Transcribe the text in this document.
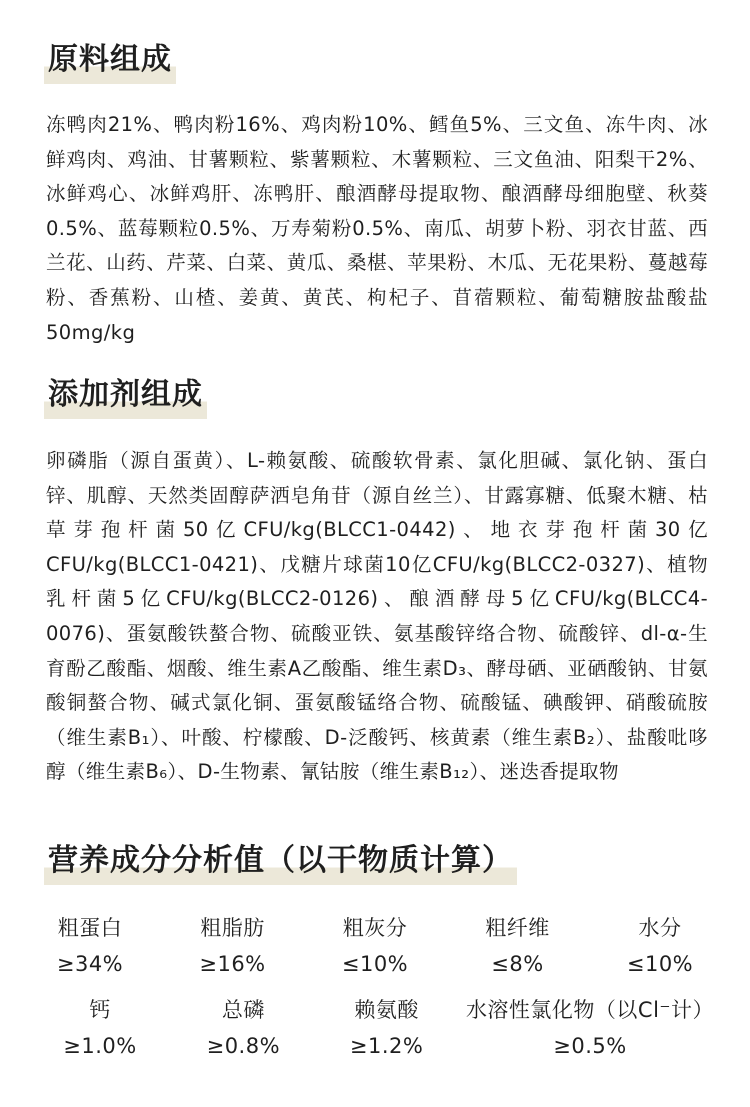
原料组成
冻鸭肉21%、鸭肉粉16%、鸡肉粉10%、鳕鱼5%、三文鱼、冻牛肉、冰鲜鸡肉、鸡油、甘薯颗粒、紫薯颗粒、木薯颗粒、三文鱼油、阳梨干2%、冰鲜鸡心、冰鲜鸡肝、冻鸭肝、酿酒酵母提取物、酿酒酵母细胞壁、秋葵0.5%、蓝莓颗粒0.5%、万寿菊粉0.5%、南瓜、胡萝卜粉、羽衣甘蓝、西兰花、山药、芹菜、白菜、黄瓜、桑椹、苹果粉、木瓜、无花果粉、蔓越莓粉、香蕉粉、山楂、姜黄、黄芪、枸杞子、苜蓿颗粒、葡萄糖胺盐酸盐50mg/kg
添加剂组成
卵磷脂（源自蛋黄）、L-赖氨酸、硫酸软骨素、氯化胆碱、氯化钠、蛋白锌、肌醇、天然类固醇萨洒皂角苷（源自丝兰）、甘露寡糖、低聚木糖、枯草芽孢杆菌50亿CFU/kg(BLCC1-0442)、地衣芽孢杆菌30亿CFU/kg(BLCC1-0421)、戊糖片球菌10亿CFU/kg(BLCC2-0327)、植物乳杆菌5亿CFU/kg(BLCC2-0126)、酿酒酵母5亿CFU/kg(BLCC4-0076)、蛋氨酸铁螯合物、硫酸亚铁、氨基酸锌络合物、硫酸锌、dl-α-生育酚乙酸酯、烟酸、维生素A乙酸酯、维生素D₃、酵母硒、亚硒酸钠、甘氨酸铜螯合物、碱式氯化铜、蛋氨酸锰络合物、硫酸锰、碘酸钾、硝酸硫胺（维生素B₁）、叶酸、柠檬酸、D-泛酸钙、核黄素（维生素B₂）、盐酸吡哆醇（维生素B₆）、D-生物素、氰钴胺（维生素B₁₂）、迷迭香提取物
营养成分分析值（以干物质计算）
粗蛋白
≥34%
粗脂肪
≥16%
粗灰分
≤10%
粗纤维
≤8%
水分
≤10%
钙
≥1.0%
总磷
≥0.8%
赖氨酸
≥1.2%
水溶性氯化物（以Cl⁻计）
≥0.5%
